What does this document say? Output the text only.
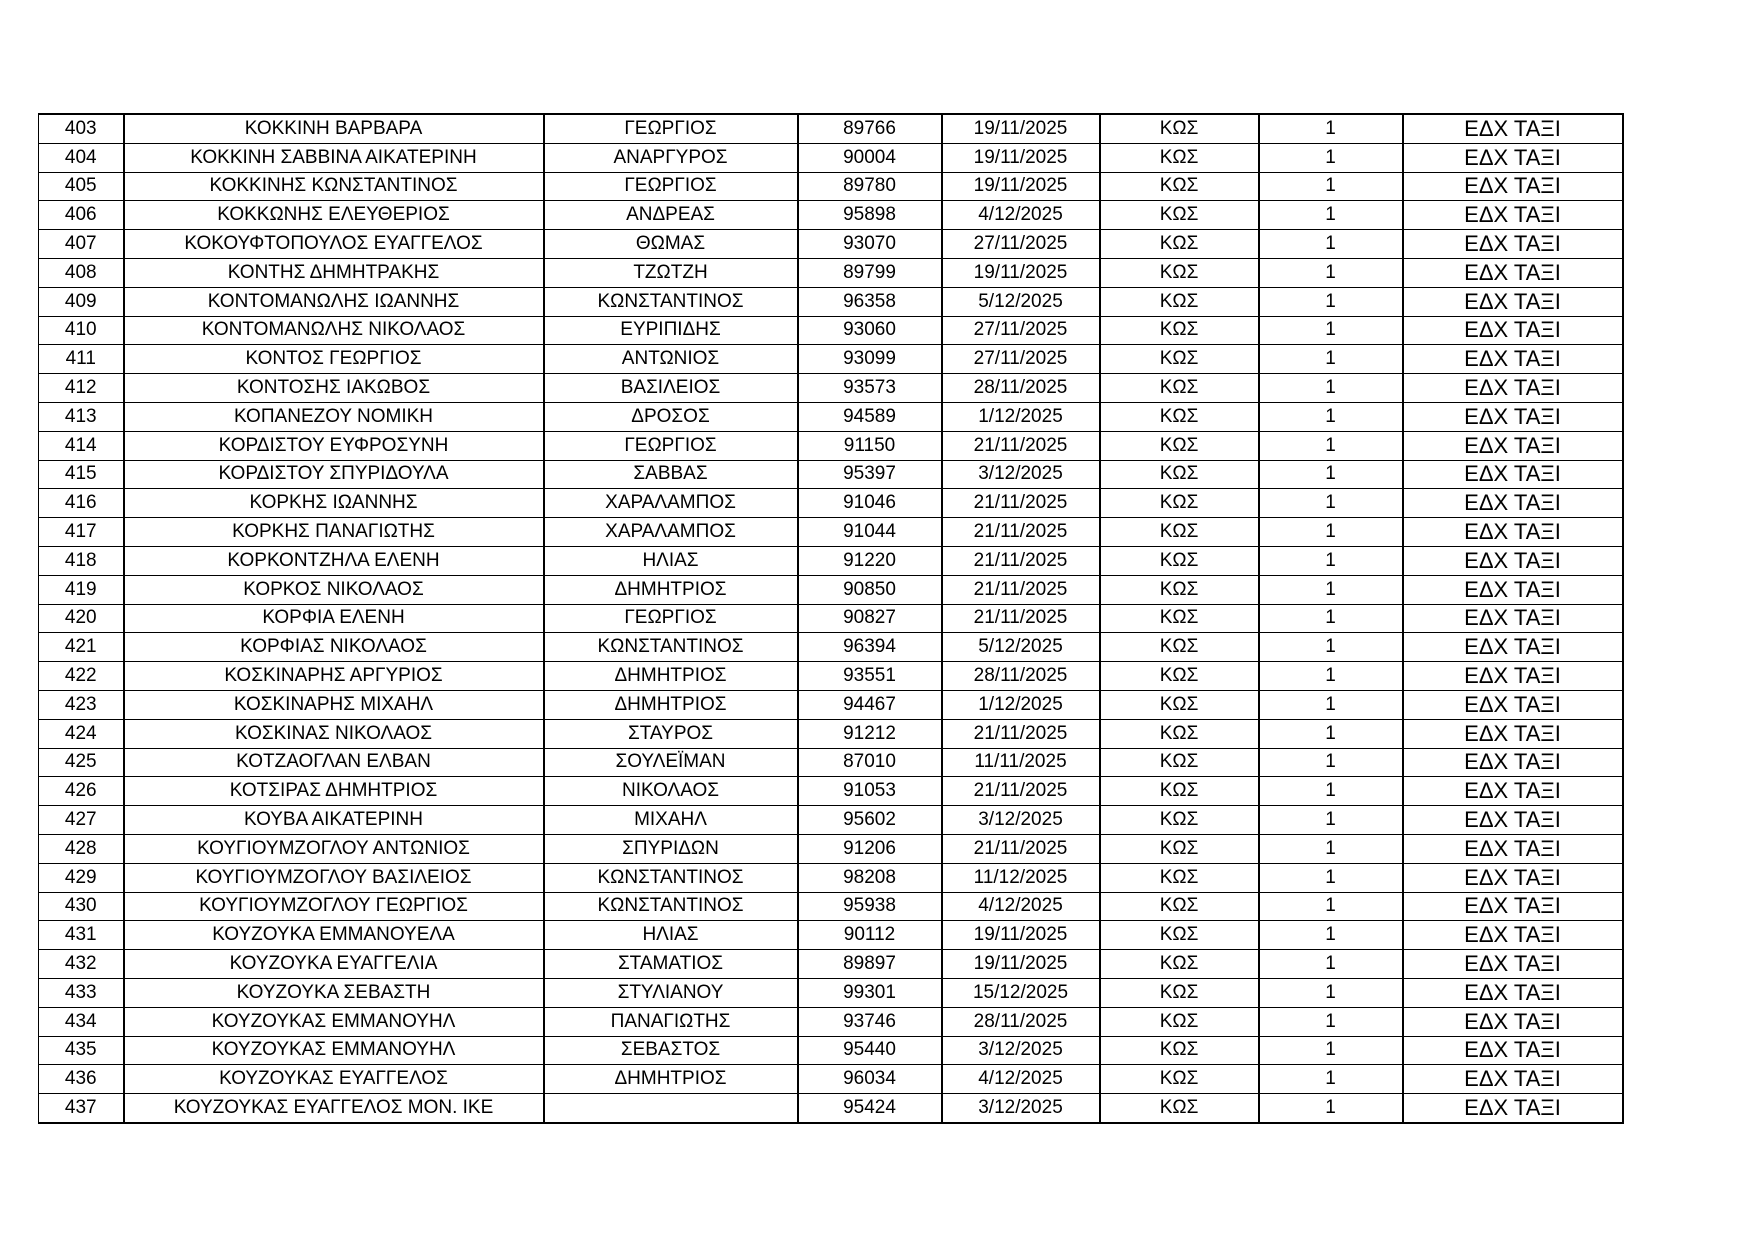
403	ΚΟΚΚΙΝΗ ΒΑΡΒΑΡΑ	ΓΕΩΡΓΙΟΣ	89766	19/11/2025	ΚΩΣ	1	ΕΔΧ ΤΑΞΙ
404	ΚΟΚΚΙΝΗ ΣΑΒΒΙΝΑ ΑΙΚΑΤΕΡΙΝΗ	ΑΝΑΡΓΥΡΟΣ	90004	19/11/2025	ΚΩΣ	1	ΕΔΧ ΤΑΞΙ
405	ΚΟΚΚΙΝΗΣ ΚΩΝΣΤΑΝΤΙΝΟΣ	ΓΕΩΡΓΙΟΣ	89780	19/11/2025	ΚΩΣ	1	ΕΔΧ ΤΑΞΙ
406	ΚΟΚΚΩΝΗΣ ΕΛΕΥΘΕΡΙΟΣ	ΑΝΔΡΕΑΣ	95898	4/12/2025	ΚΩΣ	1	ΕΔΧ ΤΑΞΙ
407	ΚΟΚΟΥΦΤΟΠΟΥΛΟΣ ΕΥΑΓΓΕΛΟΣ	ΘΩΜΑΣ	93070	27/11/2025	ΚΩΣ	1	ΕΔΧ ΤΑΞΙ
408	ΚΟΝΤΗΣ ΔΗΜΗΤΡΑΚΗΣ	ΤΖΩΤΖΗ	89799	19/11/2025	ΚΩΣ	1	ΕΔΧ ΤΑΞΙ
409	ΚΟΝΤΟΜΑΝΩΛΗΣ ΙΩΑΝΝΗΣ	ΚΩΝΣΤΑΝΤΙΝΟΣ	96358	5/12/2025	ΚΩΣ	1	ΕΔΧ ΤΑΞΙ
410	ΚΟΝΤΟΜΑΝΩΛΗΣ ΝΙΚΟΛΑΟΣ	ΕΥΡΙΠΙΔΗΣ	93060	27/11/2025	ΚΩΣ	1	ΕΔΧ ΤΑΞΙ
411	ΚΟΝΤΟΣ ΓΕΩΡΓΙΟΣ	ΑΝΤΩΝΙΟΣ	93099	27/11/2025	ΚΩΣ	1	ΕΔΧ ΤΑΞΙ
412	ΚΟΝΤΟΣΗΣ ΙΑΚΩΒΟΣ	ΒΑΣΙΛΕΙΟΣ	93573	28/11/2025	ΚΩΣ	1	ΕΔΧ ΤΑΞΙ
413	ΚΟΠΑΝΕΖΟΥ ΝΟΜΙΚΗ	ΔΡΟΣΟΣ	94589	1/12/2025	ΚΩΣ	1	ΕΔΧ ΤΑΞΙ
414	ΚΟΡΔΙΣΤΟΥ ΕΥΦΡΟΣΥΝΗ	ΓΕΩΡΓΙΟΣ	91150	21/11/2025	ΚΩΣ	1	ΕΔΧ ΤΑΞΙ
415	ΚΟΡΔΙΣΤΟΥ ΣΠΥΡΙΔΟΥΛΑ	ΣΑΒΒΑΣ	95397	3/12/2025	ΚΩΣ	1	ΕΔΧ ΤΑΞΙ
416	ΚΟΡΚΗΣ ΙΩΑΝΝΗΣ	ΧΑΡΑΛΑΜΠΟΣ	91046	21/11/2025	ΚΩΣ	1	ΕΔΧ ΤΑΞΙ
417	ΚΟΡΚΗΣ ΠΑΝΑΓΙΩΤΗΣ	ΧΑΡΑΛΑΜΠΟΣ	91044	21/11/2025	ΚΩΣ	1	ΕΔΧ ΤΑΞΙ
418	ΚΟΡΚΟΝΤΖΗΛΑ ΕΛΕΝΗ	ΗΛΙΑΣ	91220	21/11/2025	ΚΩΣ	1	ΕΔΧ ΤΑΞΙ
419	ΚΟΡΚΟΣ ΝΙΚΟΛΑΟΣ	ΔΗΜΗΤΡΙΟΣ	90850	21/11/2025	ΚΩΣ	1	ΕΔΧ ΤΑΞΙ
420	ΚΟΡΦΙΑ ΕΛΕΝΗ	ΓΕΩΡΓΙΟΣ	90827	21/11/2025	ΚΩΣ	1	ΕΔΧ ΤΑΞΙ
421	ΚΟΡΦΙΑΣ ΝΙΚΟΛΑΟΣ	ΚΩΝΣΤΑΝΤΙΝΟΣ	96394	5/12/2025	ΚΩΣ	1	ΕΔΧ ΤΑΞΙ
422	ΚΟΣΚΙΝΑΡΗΣ ΑΡΓΥΡΙΟΣ	ΔΗΜΗΤΡΙΟΣ	93551	28/11/2025	ΚΩΣ	1	ΕΔΧ ΤΑΞΙ
423	ΚΟΣΚΙΝΑΡΗΣ ΜΙΧΑΗΛ	ΔΗΜΗΤΡΙΟΣ	94467	1/12/2025	ΚΩΣ	1	ΕΔΧ ΤΑΞΙ
424	ΚΟΣΚΙΝΑΣ ΝΙΚΟΛΑΟΣ	ΣΤΑΥΡΟΣ	91212	21/11/2025	ΚΩΣ	1	ΕΔΧ ΤΑΞΙ
425	ΚΟΤΖΑΟΓΛΑΝ ΕΛΒΑΝ	ΣΟΥΛΕΪΜΑΝ	87010	11/11/2025	ΚΩΣ	1	ΕΔΧ ΤΑΞΙ
426	ΚΟΤΣΙΡΑΣ ΔΗΜΗΤΡΙΟΣ	ΝΙΚΟΛΑΟΣ	91053	21/11/2025	ΚΩΣ	1	ΕΔΧ ΤΑΞΙ
427	ΚΟΥΒΑ ΑΙΚΑΤΕΡΙΝΗ	ΜΙΧΑΗΛ	95602	3/12/2025	ΚΩΣ	1	ΕΔΧ ΤΑΞΙ
428	ΚΟΥΓΙΟΥΜΖΟΓΛΟΥ ΑΝΤΩΝΙΟΣ	ΣΠΥΡΙΔΩΝ	91206	21/11/2025	ΚΩΣ	1	ΕΔΧ ΤΑΞΙ
429	ΚΟΥΓΙΟΥΜΖΟΓΛΟΥ ΒΑΣΙΛΕΙΟΣ	ΚΩΝΣΤΑΝΤΙΝΟΣ	98208	11/12/2025	ΚΩΣ	1	ΕΔΧ ΤΑΞΙ
430	ΚΟΥΓΙΟΥΜΖΟΓΛΟΥ ΓΕΩΡΓΙΟΣ	ΚΩΝΣΤΑΝΤΙΝΟΣ	95938	4/12/2025	ΚΩΣ	1	ΕΔΧ ΤΑΞΙ
431	ΚΟΥΖΟΥΚΑ ΕΜΜΑΝΟΥΕΛΑ	ΗΛΙΑΣ	90112	19/11/2025	ΚΩΣ	1	ΕΔΧ ΤΑΞΙ
432	ΚΟΥΖΟΥΚΑ ΕΥΑΓΓΕΛΙΑ	ΣΤΑΜΑΤΙΟΣ	89897	19/11/2025	ΚΩΣ	1	ΕΔΧ ΤΑΞΙ
433	ΚΟΥΖΟΥΚΑ ΣΕΒΑΣΤΗ	ΣΤΥΛΙΑΝΟΥ	99301	15/12/2025	ΚΩΣ	1	ΕΔΧ ΤΑΞΙ
434	ΚΟΥΖΟΥΚΑΣ ΕΜΜΑΝΟΥΗΛ	ΠΑΝΑΓΙΩΤΗΣ	93746	28/11/2025	ΚΩΣ	1	ΕΔΧ ΤΑΞΙ
435	ΚΟΥΖΟΥΚΑΣ ΕΜΜΑΝΟΥΗΛ	ΣΕΒΑΣΤΟΣ	95440	3/12/2025	ΚΩΣ	1	ΕΔΧ ΤΑΞΙ
436	ΚΟΥΖΟΥΚΑΣ ΕΥΑΓΓΕΛΟΣ	ΔΗΜΗΤΡΙΟΣ	96034	4/12/2025	ΚΩΣ	1	ΕΔΧ ΤΑΞΙ
437	ΚΟΥΖΟΥΚΑΣ ΕΥΑΓΓΕΛΟΣ ΜΟΝ. ΙΚΕ		95424	3/12/2025	ΚΩΣ	1	ΕΔΧ ΤΑΞΙ
